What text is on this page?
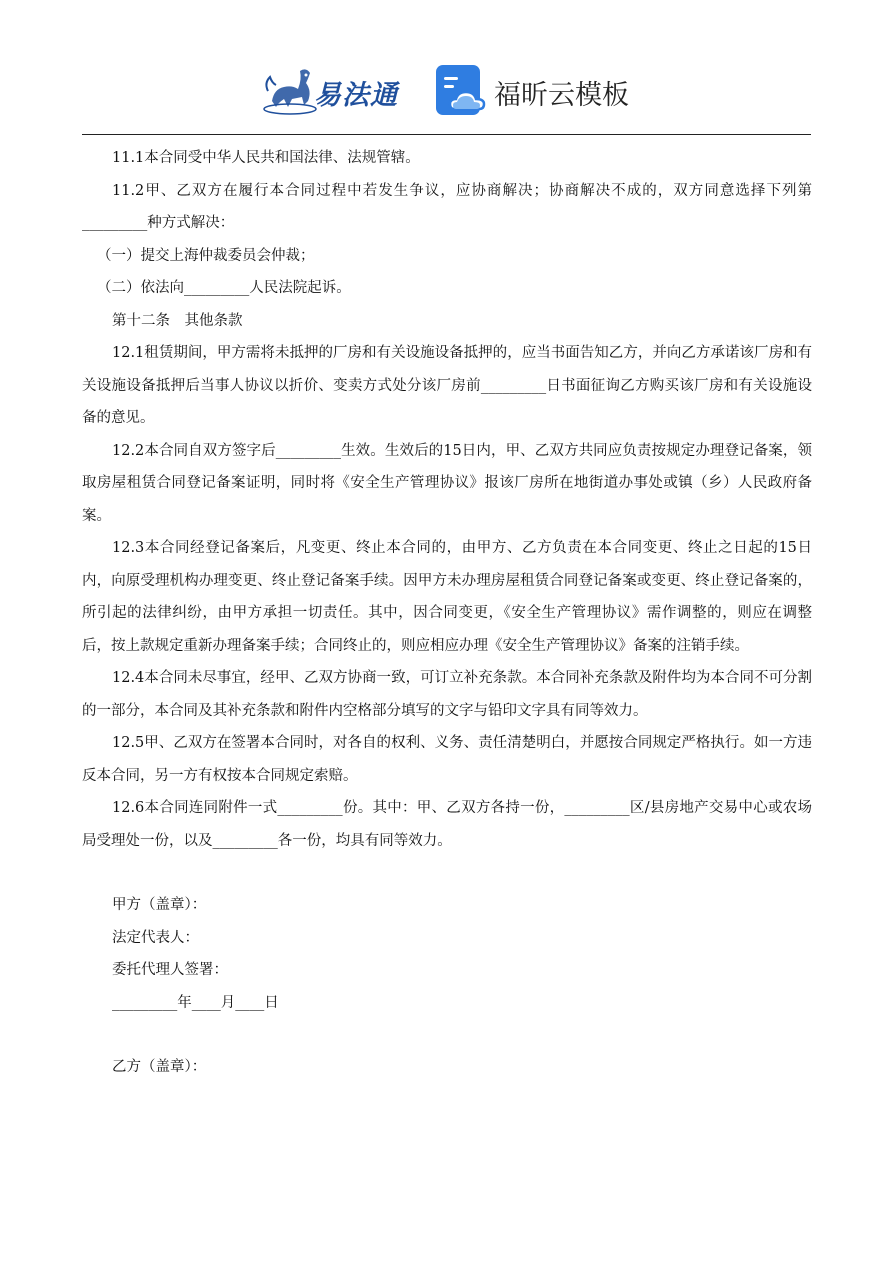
易法通	福昕云模板

11.1本合同受中华人民共和国法律、法规管辖。

11.2甲、乙双方在履行本合同过程中若发生争议，应协商解决；协商解决不成的，双方同意选择下列第_________种方式解决：

（一）提交上海仲裁委员会仲裁；

（二）依法向_________人民法院起诉。

第十二条　其他条款

12.1租赁期间，甲方需将未抵押的厂房和有关设施设备抵押的，应当书面告知乙方，并向乙方承诺该厂房和有关设施设备抵押后当事人协议以折价、变卖方式处分该厂房前_________日书面征询乙方购买该厂房和有关设施设备的意见。

12.2本合同自双方签字后_________生效。生效后的15日内，甲、乙双方共同应负责按规定办理登记备案，领取房屋租赁合同登记备案证明，同时将《安全生产管理协议》报该厂房所在地街道办事处或镇（乡）人民政府备案。

12.3本合同经登记备案后，凡变更、终止本合同的，由甲方、乙方负责在本合同变更、终止之日起的15日内，向原受理机构办理变更、终止登记备案手续。因甲方未办理房屋租赁合同登记备案或变更、终止登记备案的，所引起的法律纠纷，由甲方承担一切责任。其中，因合同变更，《安全生产管理协议》需作调整的，则应在调整后，按上款规定重新办理备案手续；合同终止的，则应相应办理《安全生产管理协议》备案的注销手续。

12.4本合同未尽事宜，经甲、乙双方协商一致，可订立补充条款。本合同补充条款及附件均为本合同不可分割的一部分，本合同及其补充条款和附件内空格部分填写的文字与铅印文字具有同等效力。

12.5甲、乙双方在签署本合同时，对各自的权利、义务、责任清楚明白，并愿按合同规定严格执行。如一方违反本合同，另一方有权按本合同规定索赔。

12.6本合同连同附件一式_________份。其中：甲、乙双方各持一份，_________区/县房地产交易中心或农场局受理处一份，以及_________各一份，均具有同等效力。

甲方（盖章）：

法定代表人：

委托代理人签署：

_________年____月____日

乙方（盖章）：
